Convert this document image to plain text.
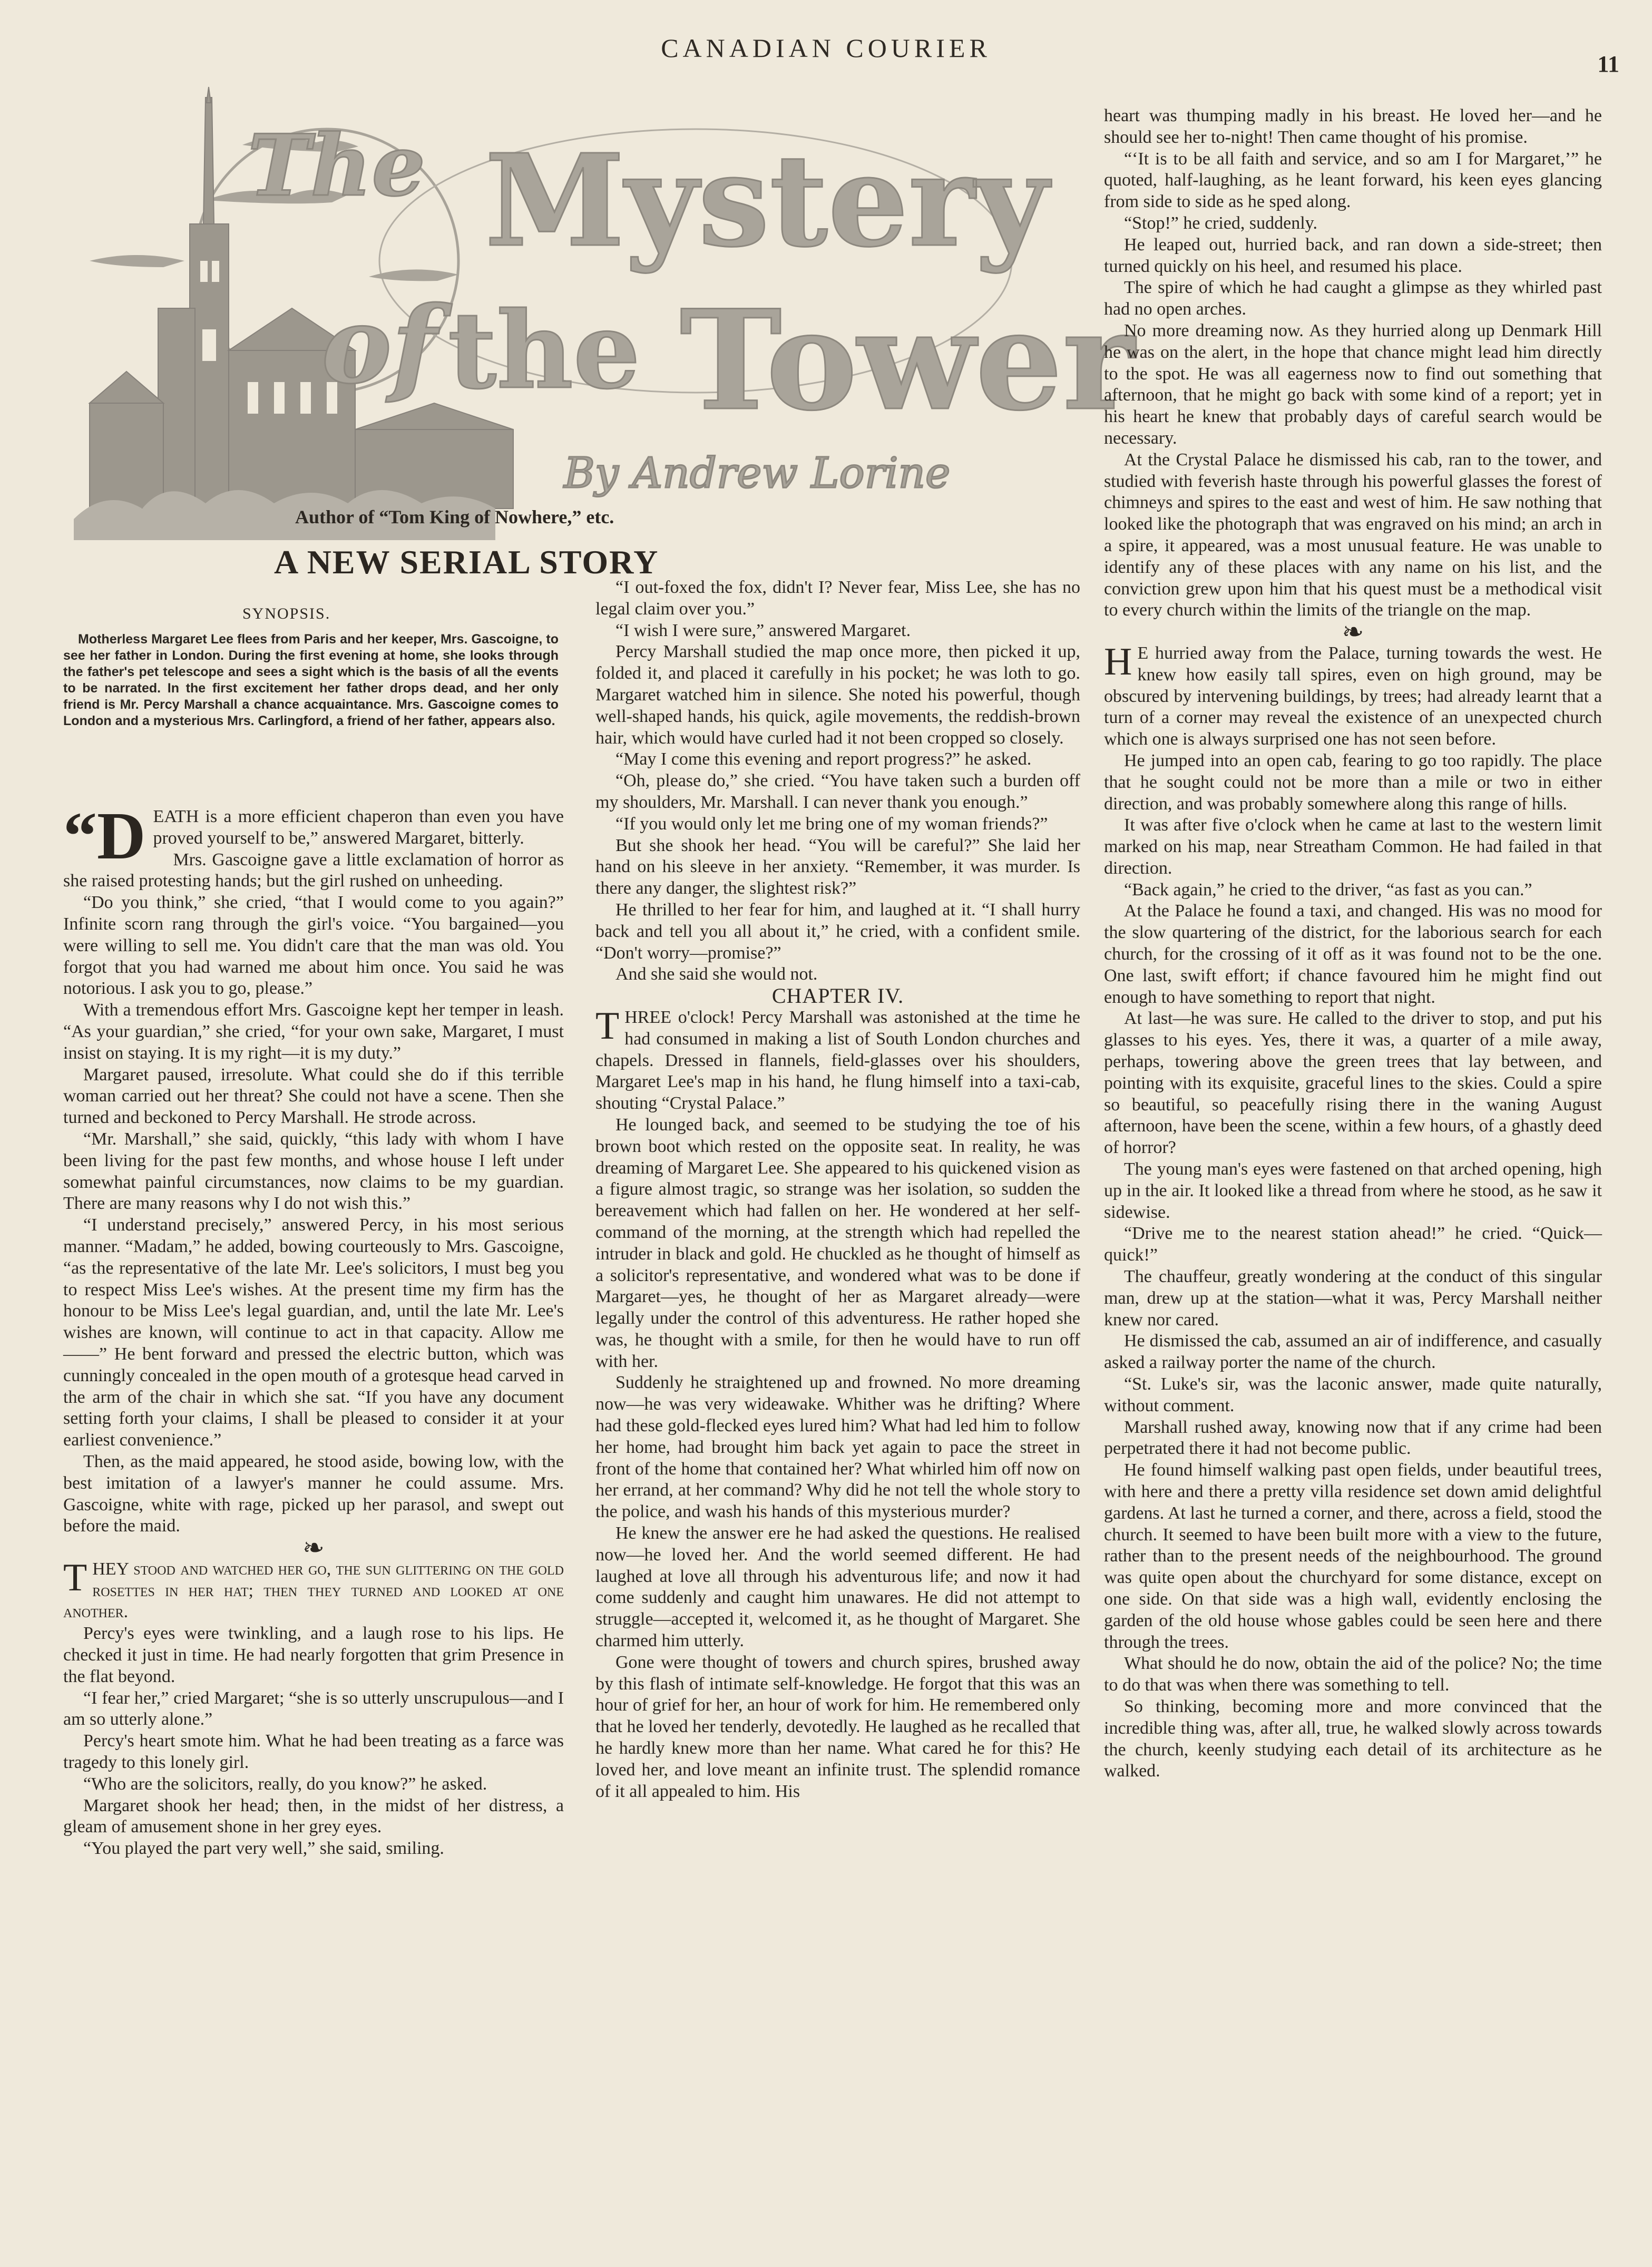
CANADIAN COURIER
11
The Mystery
of the Tower
By Andrew Lorine
Author of “Tom King of Nowhere,” etc.
A NEW SERIAL STORY
SYNOPSIS.

Motherless Margaret Lee flees from Paris and her keeper, Mrs. Gascoigne, to see her father in London. During the first evening at home, she looks through the father's pet telescope and sees a sight which is the basis of all the events to be narrated. In the first excitement her father drops dead, and her only friend is Mr. Percy Marshall a chance acquaintance. Mrs. Gascoigne comes to London and a mysterious Mrs. Carlingford, a friend of her father, appears also.

“DEATH is a more efficient chaperon than even you have proved yourself to be,” answered Margaret, bitterly.

Mrs. Gascoigne gave a little exclamation of horror as she raised protesting hands; but the girl rushed on unheeding.

“Do you think,” she cried, “that I would come to you again?” Infinite scorn rang through the girl's voice. “You bargained—you were willing to sell me. You didn't care that the man was old. You forgot that you had warned me about him once. You said he was notorious. I ask you to go, please.”

With a tremendous effort Mrs. Gascoigne kept her temper in leash. “As your guardian,” she cried, “for your own sake, Margaret, I must insist on staying. It is my right—it is my duty.”

Margaret paused, irresolute. What could she do if this terrible woman carried out her threat? She could not have a scene. Then she turned and beckoned to Percy Marshall. He strode across.

“Mr. Marshall,” she said, quickly, “this lady with whom I have been living for the past few months, and whose house I left under somewhat painful circumstances, now claims to be my guardian. There are many reasons why I do not wish this.”

“I understand precisely,” answered Percy, in his most serious manner. “Madam,” he added, bowing courteously to Mrs. Gascoigne, “as the representative of the late Mr. Lee's solicitors, I must beg you to respect Miss Lee's wishes. At the present time my firm has the honour to be Miss Lee's legal guardian, and, until the late Mr. Lee's wishes are known, will continue to act in that capacity. Allow me——” He bent forward and pressed the electric button, which was cunningly concealed in the open mouth of a grotesque head carved in the arm of the chair in which she sat. “If you have any document setting forth your claims, I shall be pleased to consider it at your earliest convenience.”

Then, as the maid appeared, he stood aside, bowing low, with the best imitation of a lawyer's manner he could assume. Mrs. Gascoigne, white with rage, picked up her parasol, and swept out before the maid.

❧

THEY stood and watched her go, the sun glittering on the gold rosettes in her hat; then they turned and looked at one another.

Percy's eyes were twinkling, and a laugh rose to his lips. He checked it just in time. He had nearly forgotten that grim Presence in the flat beyond.

“I fear her,” cried Margaret; “she is so utterly unscrupulous—and I am so utterly alone.”

Percy's heart smote him. What he had been treating as a farce was tragedy to this lonely girl.

“Who are the solicitors, really, do you know?” he asked.

Margaret shook her head; then, in the midst of her distress, a gleam of amusement shone in her grey eyes.

“You played the part very well,” she said, smiling.

“I out-foxed the fox, didn't I? Never fear, Miss Lee, she has no legal claim over you.”

“I wish I were sure,” answered Margaret.

Percy Marshall studied the map once more, then picked it up, folded it, and placed it carefully in his pocket; he was loth to go. Margaret watched him in silence. She noted his powerful, though well-shaped hands, his quick, agile movements, the reddish-brown hair, which would have curled had it not been cropped so closely.

“May I come this evening and report progress?” he asked.

“Oh, please do,” she cried. “You have taken such a burden off my shoulders, Mr. Marshall. I can never thank you enough.”

“If you would only let me bring one of my woman friends?”

But she shook her head. “You will be careful?” She laid her hand on his sleeve in her anxiety. “Remember, it was murder. Is there any danger, the slightest risk?”

He thrilled to her fear for him, and laughed at it. “I shall hurry back and tell you all about it,” he cried, with a confident smile. “Don't worry—promise?”

And she said she would not.

CHAPTER IV.

THREE o'clock! Percy Marshall was astonished at the time he had consumed in making a list of South London churches and chapels. Dressed in flannels, field-glasses over his shoulders, Margaret Lee's map in his hand, he flung himself into a taxi-cab, shouting “Crystal Palace.”

He lounged back, and seemed to be studying the toe of his brown boot which rested on the opposite seat. In reality, he was dreaming of Margaret Lee. She appeared to his quickened vision as a figure almost tragic, so strange was her isolation, so sudden the bereavement which had fallen on her. He wondered at her self-command of the morning, at the strength which had repelled the intruder in black and gold. He chuckled as he thought of himself as a solicitor's representative, and wondered what was to be done if Margaret—yes, he thought of her as Margaret already—were legally under the control of this adventuress. He rather hoped she was, he thought with a smile, for then he would have to run off with her.

Suddenly he straightened up and frowned. No more dreaming now—he was very wideawake. Whither was he drifting? Where had these gold-flecked eyes lured him? What had led him to follow her home, had brought him back yet again to pace the street in front of the home that contained her? What whirled him off now on her errand, at her command? Why did he not tell the whole story to the police, and wash his hands of this mysterious murder?

He knew the answer ere he had asked the questions. He realised now—he loved her. And the world seemed different. He had laughed at love all through his adventurous life; and now it had come suddenly and caught him unawares. He did not attempt to struggle—accepted it, welcomed it, as he thought of Margaret. She charmed him utterly.

Gone were thought of towers and church spires, brushed away by this flash of intimate self-knowledge. He forgot that this was an hour of grief for her, an hour of work for him. He remembered only that he loved her tenderly, devotedly. He laughed as he recalled that he hardly knew more than her name. What cared he for this? He loved her, and love meant an infinite trust. The splendid romance of it all appealed to him. His

heart was thumping madly in his breast. He loved her—and he should see her to-night! Then came thought of his promise.

“‘It is to be all faith and service, and so am I for Margaret,’” he quoted, half-laughing, as he leant forward, his keen eyes glancing from side to side as he sped along.

“Stop!” he cried, suddenly.

He leaped out, hurried back, and ran down a side-street; then turned quickly on his heel, and resumed his place.

The spire of which he had caught a glimpse as they whirled past had no open arches.

No more dreaming now. As they hurried along up Denmark Hill he was on the alert, in the hope that chance might lead him directly to the spot. He was all eagerness now to find out something that afternoon, that he might go back with some kind of a report; yet in his heart he knew that probably days of careful search would be necessary.

At the Crystal Palace he dismissed his cab, ran to the tower, and studied with feverish haste through his powerful glasses the forest of chimneys and spires to the east and west of him. He saw nothing that looked like the photograph that was engraved on his mind; an arch in a spire, it appeared, was a most unusual feature. He was unable to identify any of these places with any name on his list, and the conviction grew upon him that his quest must be a methodical visit to every church within the limits of the triangle on the map.

❧

H E hurried away from the Palace, turning towards the west. He knew how easily tall spires, even on high ground, may be obscured by intervening buildings, by trees; had already learnt that a turn of a corner may reveal the existence of an unexpected church which one is always surprised one has not seen before.

He jumped into an open cab, fearing to go too rapidly. The place that he sought could not be more than a mile or two in either direction, and was probably somewhere along this range of hills.

It was after five o'clock when he came at last to the western limit marked on his map, near Streatham Common. He had failed in that direction.

“Back again,” he cried to the driver, “as fast as you can.”

At the Palace he found a taxi, and changed. His was no mood for the slow quartering of the district, for the laborious search for each church, for the crossing of it off as it was found not to be the one. One last, swift effort; if chance favoured him he might find out enough to have something to report that night.

At last—he was sure. He called to the driver to stop, and put his glasses to his eyes. Yes, there it was, a quarter of a mile away, perhaps, towering above the green trees that lay between, and pointing with its exquisite, graceful lines to the skies. Could a spire so beautiful, so peacefully rising there in the waning August afternoon, have been the scene, within a few hours, of a ghastly deed of horror?

The young man's eyes were fastened on that arched opening, high up in the air. It looked like a thread from where he stood, as he saw it sidewise.

“Drive me to the nearest station ahead!” he cried. “Quick—quick!”

The chauffeur, greatly wondering at the conduct of this singular man, drew up at the station—what it was, Percy Marshall neither knew nor cared.

He dismissed the cab, assumed an air of indifference, and casually asked a railway porter the name of the church.

“St. Luke's sir, was the laconic answer, made quite naturally, without comment.

Marshall rushed away, knowing now that if any crime had been perpetrated there it had not become public.

He found himself walking past open fields, under beautiful trees, with here and there a pretty villa residence set down amid delightful gardens. At last he turned a corner, and there, across a field, stood the church. It seemed to have been built more with a view to the future, rather than to the present needs of the neighbourhood. The ground was quite open about the churchyard for some distance, except on one side. On that side was a high wall, evidently enclosing the garden of the old house whose gables could be seen here and there through the trees.

What should he do now, obtain the aid of the police? No; the time to do that was when there was something to tell.

So thinking, becoming more and more convinced that the incredible thing was, after all, true, he walked slowly across towards the church, keenly studying each detail of its architecture as he walked.
